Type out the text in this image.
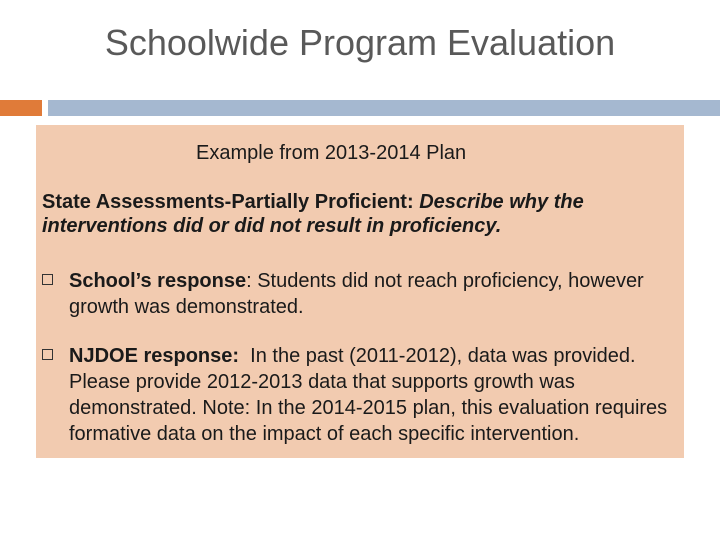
Schoolwide Program Evaluation
Example from 2013-2014 Plan
State Assessments-Partially Proficient: Describe why the interventions did or did not result in proficiency.
School’s response: Students did not reach proficiency, however growth was demonstrated.
NJDOE response:  In the past (2011-2012), data was provided.  Please provide 2012-2013 data that supports growth was demonstrated. Note: In the 2014-2015 plan, this evaluation requires formative data on the impact of each specific intervention.
